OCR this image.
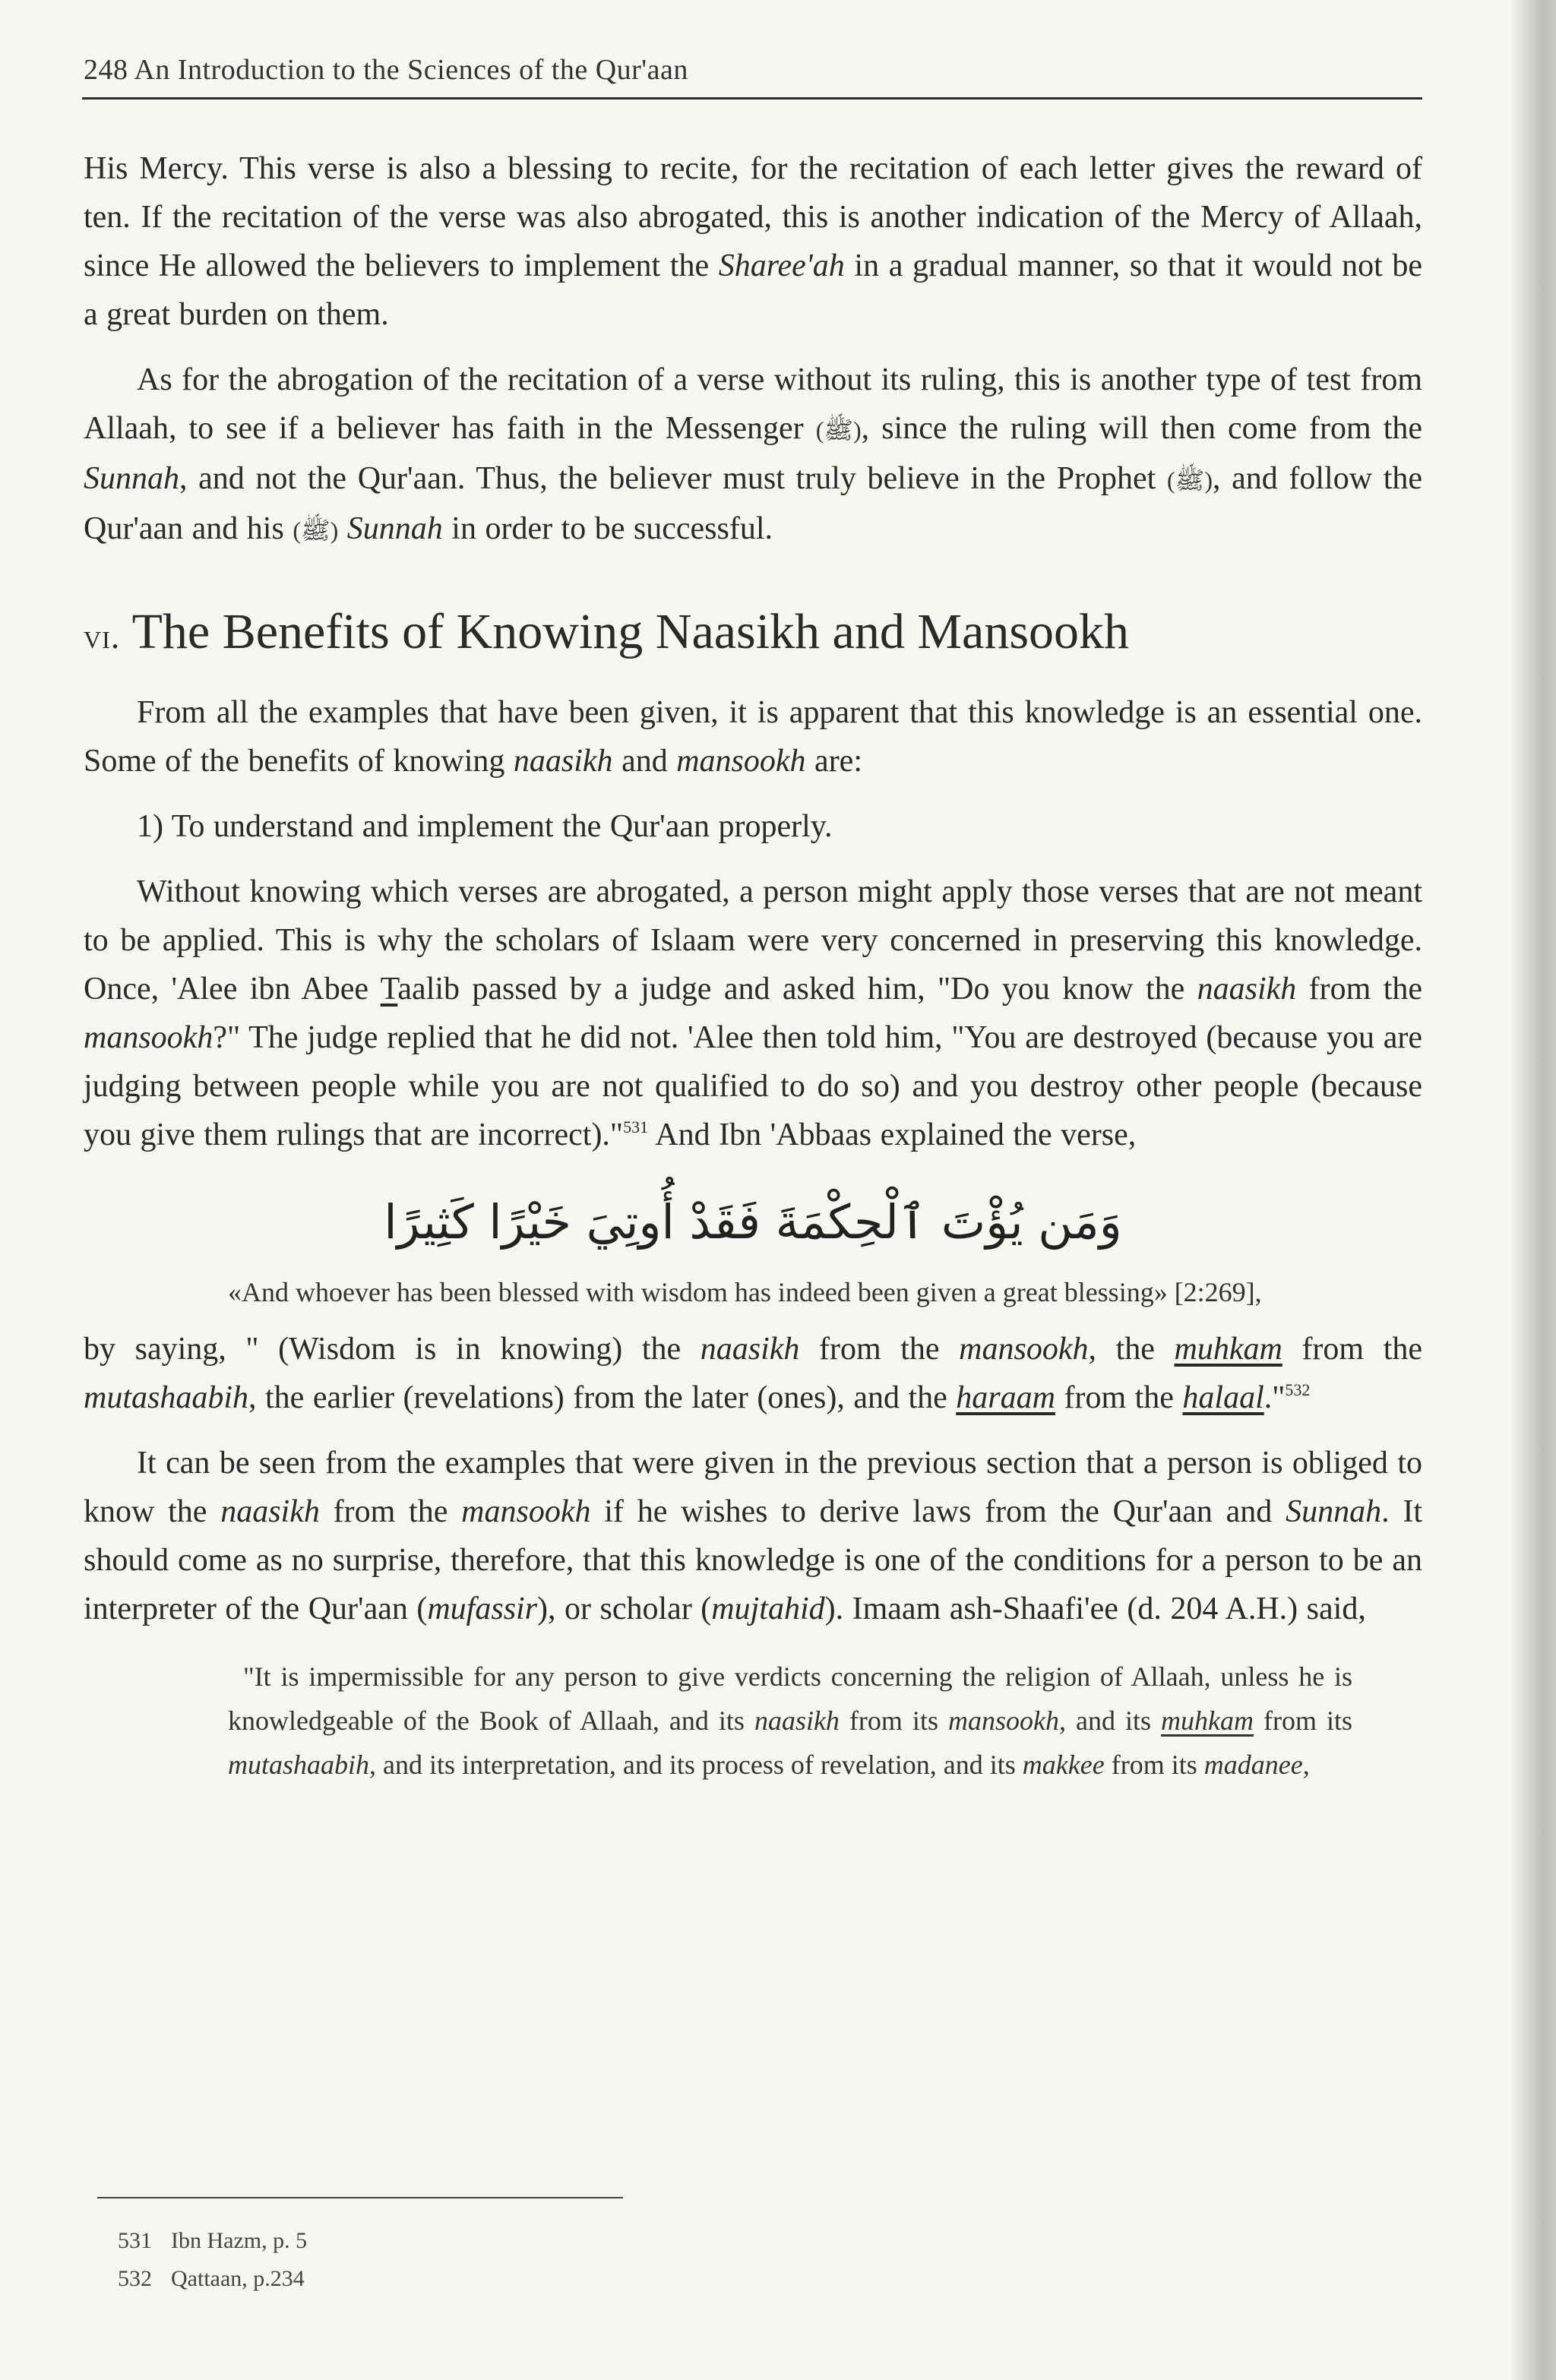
248 An Introduction to the Sciences of the Qur'aan

His Mercy. This verse is also a blessing to recite, for the recitation of each letter gives the reward of ten. If the recitation of the verse was also abrogated, this is another indication of the Mercy of Allaah, since He allowed the believers to implement the Sharee'ah in a gradual manner, so that it would not be a great burden on them.

As for the abrogation of the recitation of a verse without its ruling, this is another type of test from Allaah, to see if a believer has faith in the Messenger (ﷺ), since the ruling will then come from the Sunnah, and not the Qur'aan. Thus, the believer must truly believe in the Prophet (ﷺ), and follow the Qur'aan and his (ﷺ) Sunnah in order to be successful.

vi. The Benefits of Knowing Naasikh and Mansookh

From all the examples that have been given, it is apparent that this knowledge is an essential one. Some of the benefits of knowing naasikh and mansookh are:

1) To understand and implement the Qur'aan properly.

Without knowing which verses are abrogated, a person might apply those verses that are not meant to be applied. This is why the scholars of Islaam were very concerned in preserving this knowledge. Once, 'Alee ibn Abee Taalib passed by a judge and asked him, "Do you know the naasikh from the mansookh?" The judge replied that he did not. 'Alee then told him, "You are destroyed (because you are judging between people while you are not qualified to do so) and you destroy other people (because you give them rulings that are incorrect)."$^{531}$ And Ibn 'Abbaas explained the verse,

وَمَن يُؤْتَ ٱلْحِكْمَةَ فَقَدْ أُوتِيَ خَيْرًا كَثِيرًا
«And whoever has been blessed with wisdom has indeed been given a great blessing» [2:269],

by saying, " (Wisdom is in knowing) the naasikh from the mansookh, the muhkam from the mutashaabih, the earlier (revelations) from the later (ones), and the haraam from the halaal."$^{532}$

It can be seen from the examples that were given in the previous section that a person is obliged to know the naasikh from the mansookh if he wishes to derive laws from the Qur'aan and Sunnah. It should come as no surprise, therefore, that this knowledge is one of the conditions for a person to be an interpreter of the Qur'aan (mufassir), or scholar (mujtahid). Imaam ash-Shaafi'ee (d. 204 A.H.) said,

"It is impermissible for any person to give verdicts concerning the religion of Allaah, unless he is knowledgeable of the Book of Allaah, and its naasikh from its mansookh, and its muhkam from its mutashaabih, and its interpretation, and its process of revelation, and its makkee from its madanee,
531 Ibn Hazm, p. 5
532 Qattaan, p.234
